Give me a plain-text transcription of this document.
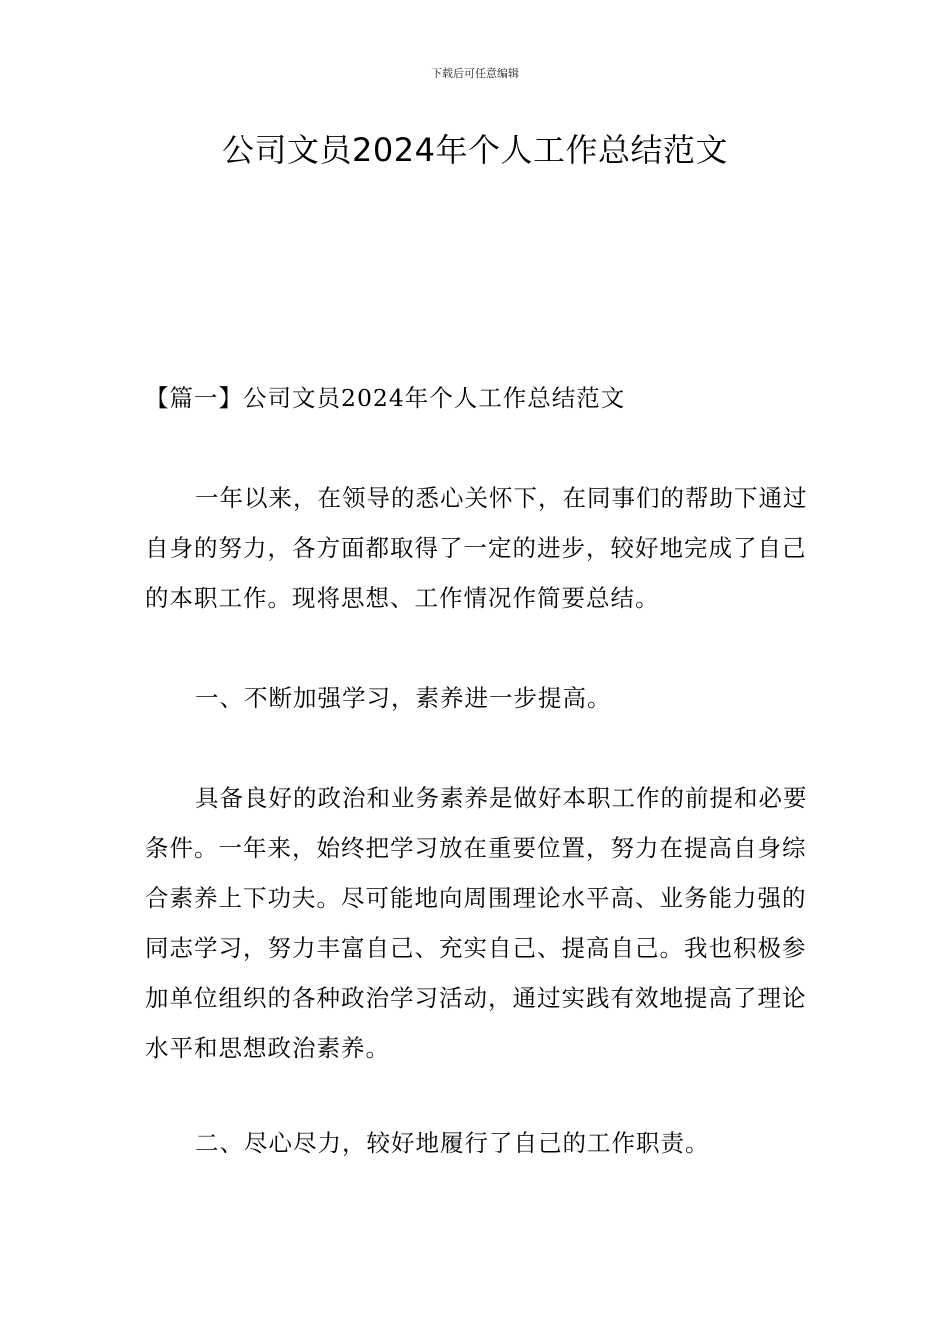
下载后可任意编辑
公司文员2024年个人工作总结范文

【篇一】公司文员2024年个人工作总结范文

一年以来，在领导的悉心关怀下，在同事们的帮助下通过自身的努力，各方面都取得了一定的进步，较好地完成了自己的本职工作。现将思想、工作情况作简要总结。

一、不断加强学习，素养进一步提高。

具备良好的政治和业务素养是做好本职工作的前提和必要条件。一年来，始终把学习放在重要位置，努力在提高自身综合素养上下功夫。尽可能地向周围理论水平高、业务能力强的同志学习，努力丰富自己、充实自己、提高自己。我也积极参加单位组织的各种政治学习活动，通过实践有效地提高了理论水平和思想政治素养。

二、尽心尽力，较好地履行了自己的工作职责。
